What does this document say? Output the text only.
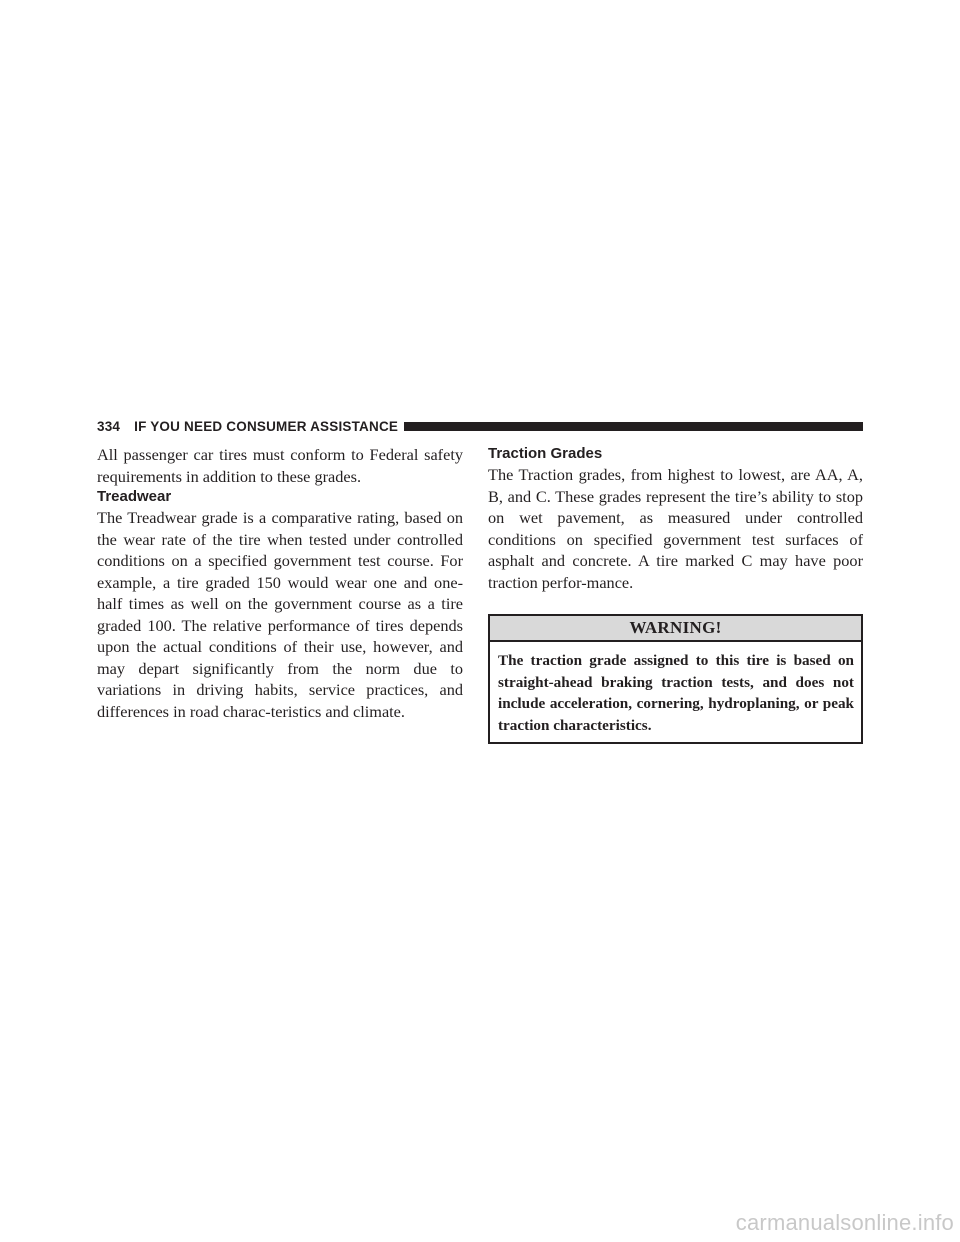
334	IF YOU NEED CONSUMER ASSISTANCE

All passenger car tires must conform to Federal safety requirements in addition to these grades.

Treadwear

The Treadwear grade is a comparative rating, based on the wear rate of the tire when tested under controlled conditions on a specified government test course. For example, a tire graded 150 would wear one and one-half times as well on the government course as a tire graded 100. The relative performance of tires depends upon the actual conditions of their use, however, and may depart significantly from the norm due to variations in driving habits, service practices, and differences in road charac-teristics and climate.

Traction Grades

The Traction grades, from highest to lowest, are AA, A, B, and C. These grades represent the tire’s ability to stop on wet pavement, as measured under controlled conditions on specified government test surfaces of asphalt and concrete. A tire marked C may have poor traction perfor-mance.

WARNING!

The traction grade assigned to this tire is based on straight-ahead braking traction tests, and does not include acceleration, cornering, hydroplaning, or peak traction characteristics.

carmanualsonline.info
